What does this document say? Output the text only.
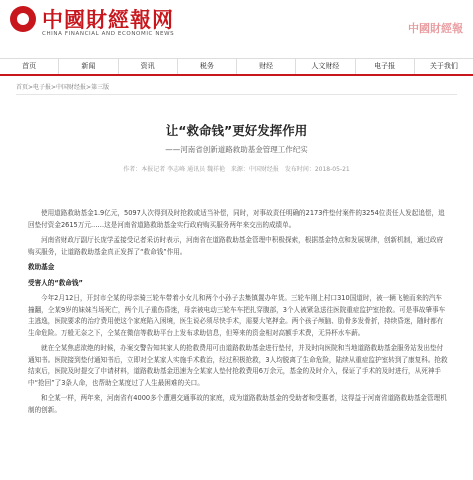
中國財經報网
CHINA FINANCIAL AND ECONOMIC NEWS	中國財經報
首页	新闻	资讯	税务	财经	人文财经	电子报	关于我们
首页>电子报>中国财经报>第三版
让“救命钱”更好发挥作用
——河南省创新道路救助基金管理工作纪实
作者：本报记者 李志峰 通讯员 魏祥艳 来源：中国财经报 发布时间：2018-05-21

使用道路救助基金1.9亿元，5097人次得到及时抢救或适当补偿，同时，对事故责任明确的2173件垫付案件的3254位责任人发起追偿，追回垫付资金2615万元……这是河南省道路救助基金实行政府购买服务两年来交出的成绩单。

河南省财政厅副厅长庞学孟接受记者采访时表示，河南省在道路救助基金管理中积极探索，根据基金特点和发展规律，创新机制，通过政府购买服务，让道路救助基金真正发挥了“救命钱”作用。

救助基金
受害人的“救命钱”

今年2月12日，开封市仝某的母亲骑三轮车带着小女儿和两个小孙子去集镇置办年货。三轮车刚上村口310国道时，被一辆飞驰而来的汽车撞翻，仝某9岁的妹妹当场死亡，两个儿子重伤昏迷，母亲被电动三轮车车把扎穿腹部，3个人被紧急送往医院重症监护室抢救。可是事故肇事车主逃逸，医院要求的治疗费用使这个家庭陷入困境，医生说必须尽快手术，需要大笔押金。两个孩子颅脑、肋骨多发骨折，持续昏迷，随时都有生命危险。万般无奈之下，仝某在微信等救助平台上发布求助信息，但筹来的资金相对高额手术费，无异杯水车薪。

就在仝某焦虑欲绝的时候，办案交警告知其家人的抢救费用可由道路救助基金进行垫付，并及时向医院和当地道路救助基金服务站发出垫付通知书。医院接到垫付通知书后，立即对仝某家人实施手术救治，经过积极抢救，3人均脱离了生命危险，陆续从重症监护室转到了康复科。抢救结束后，医院及时提交了申请材料，道路救助基金迅速为仝某家人垫付抢救费用6万余元，基金的及时介入，保证了手术的及时进行，从死神手中“抢回”了3条人命，也帮助仝某度过了人生最困难的关口。

和仝某一样，两年来，河南省有4000多个遭遇交通事故的家庭，成为道路救助基金的受助者和受惠者，这得益于河南省道路救助基金管理机制的创新。
